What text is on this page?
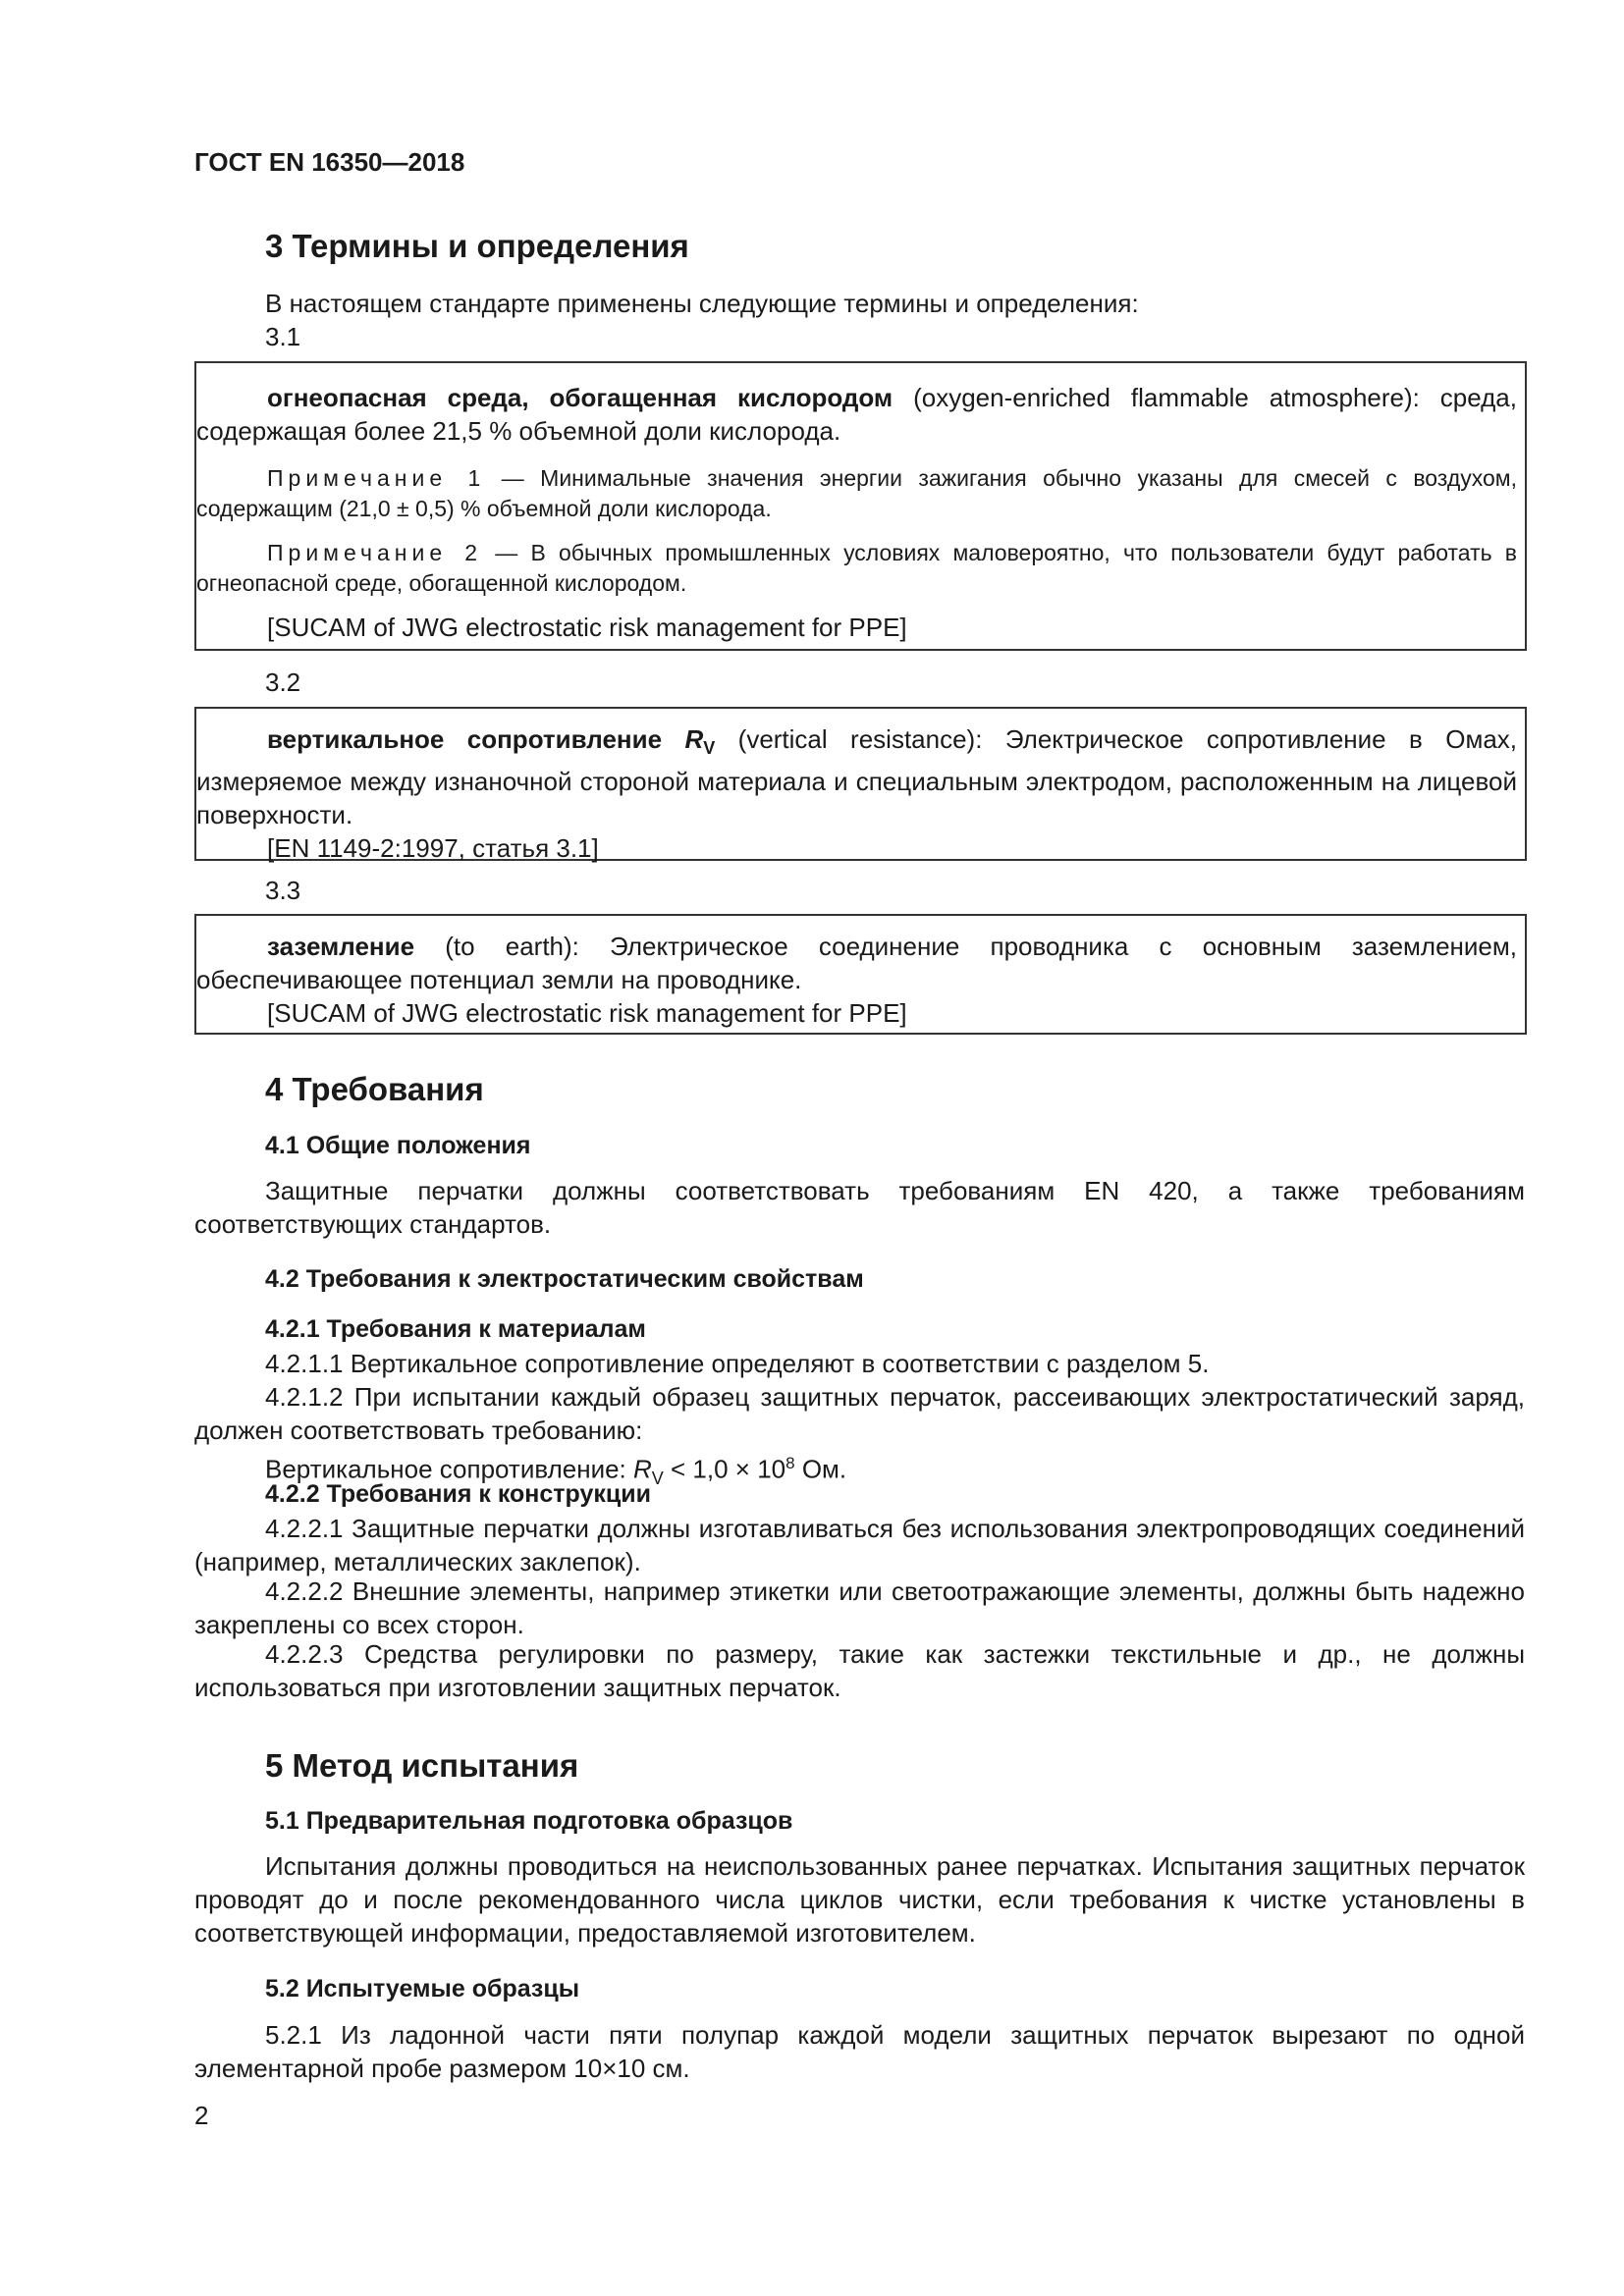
ГОСТ EN 16350—2018
3 Термины и определения
В настоящем стандарте применены следующие термины и определения:
3.1
огнеопасная среда, обогащенная кислородом (oxygen-enriched flammable atmosphere): среда, содержащая более 21,5 % объемной доли кислорода.
Примечание 1 — Минимальные значения энергии зажигания обычно указаны для смесей с воздухом, содержащим (21,0 ± 0,5) % объемной доли кислорода.
Примечание 2 — В обычных промышленных условиях маловероятно, что пользователи будут работать в огнеопасной среде, обогащенной кислородом.
[SUCAM of JWG electrostatic risk management for PPE]
3.2
вертикальное сопротивление $R_V$ (vertical resistance): Электрическое сопротивление в Омах, измеряемое между изнаночной стороной материала и специальным электродом, расположенным на лицевой поверхности.
[EN 1149-2:1997, статья 3.1]
3.3
заземление (to earth): Электрическое соединение проводника с основным заземлением, обеспечивающее потенциал земли на проводнике.
[SUCAM of JWG electrostatic risk management for PPE]
4 Требования
4.1 Общие положения
Защитные перчатки должны соответствовать требованиям EN 420, а также требованиям соответствующих стандартов.
4.2 Требования к электростатическим свойствам
4.2.1 Требования к материалам
4.2.1.1 Вертикальное сопротивление определяют в соответствии с разделом 5.
4.2.1.2 При испытании каждый образец защитных перчаток, рассеивающих электростатический заряд, должен соответствовать требованию:
Вертикальное сопротивление: $R_V < 1,0 \times 10^8$ Ом.
4.2.2 Требования к конструкции
4.2.2.1 Защитные перчатки должны изготавливаться без использования электропроводящих соединений (например, металлических заклепок).
4.2.2.2 Внешние элементы, например этикетки или светоотражающие элементы, должны быть надежно закреплены со всех сторон.
4.2.2.3 Средства регулировки по размеру, такие как застежки текстильные и др., не должны использоваться при изготовлении защитных перчаток.
5 Метод испытания
5.1 Предварительная подготовка образцов
Испытания должны проводиться на неиспользованных ранее перчатках. Испытания защитных перчаток проводят до и после рекомендованного числа циклов чистки, если требования к чистке установлены в соответствующей информации, предоставляемой изготовителем.
5.2 Испытуемые образцы
5.2.1 Из ладонной части пяти полупар каждой модели защитных перчаток вырезают по одной элементарной пробе размером 10×10 см.
2
